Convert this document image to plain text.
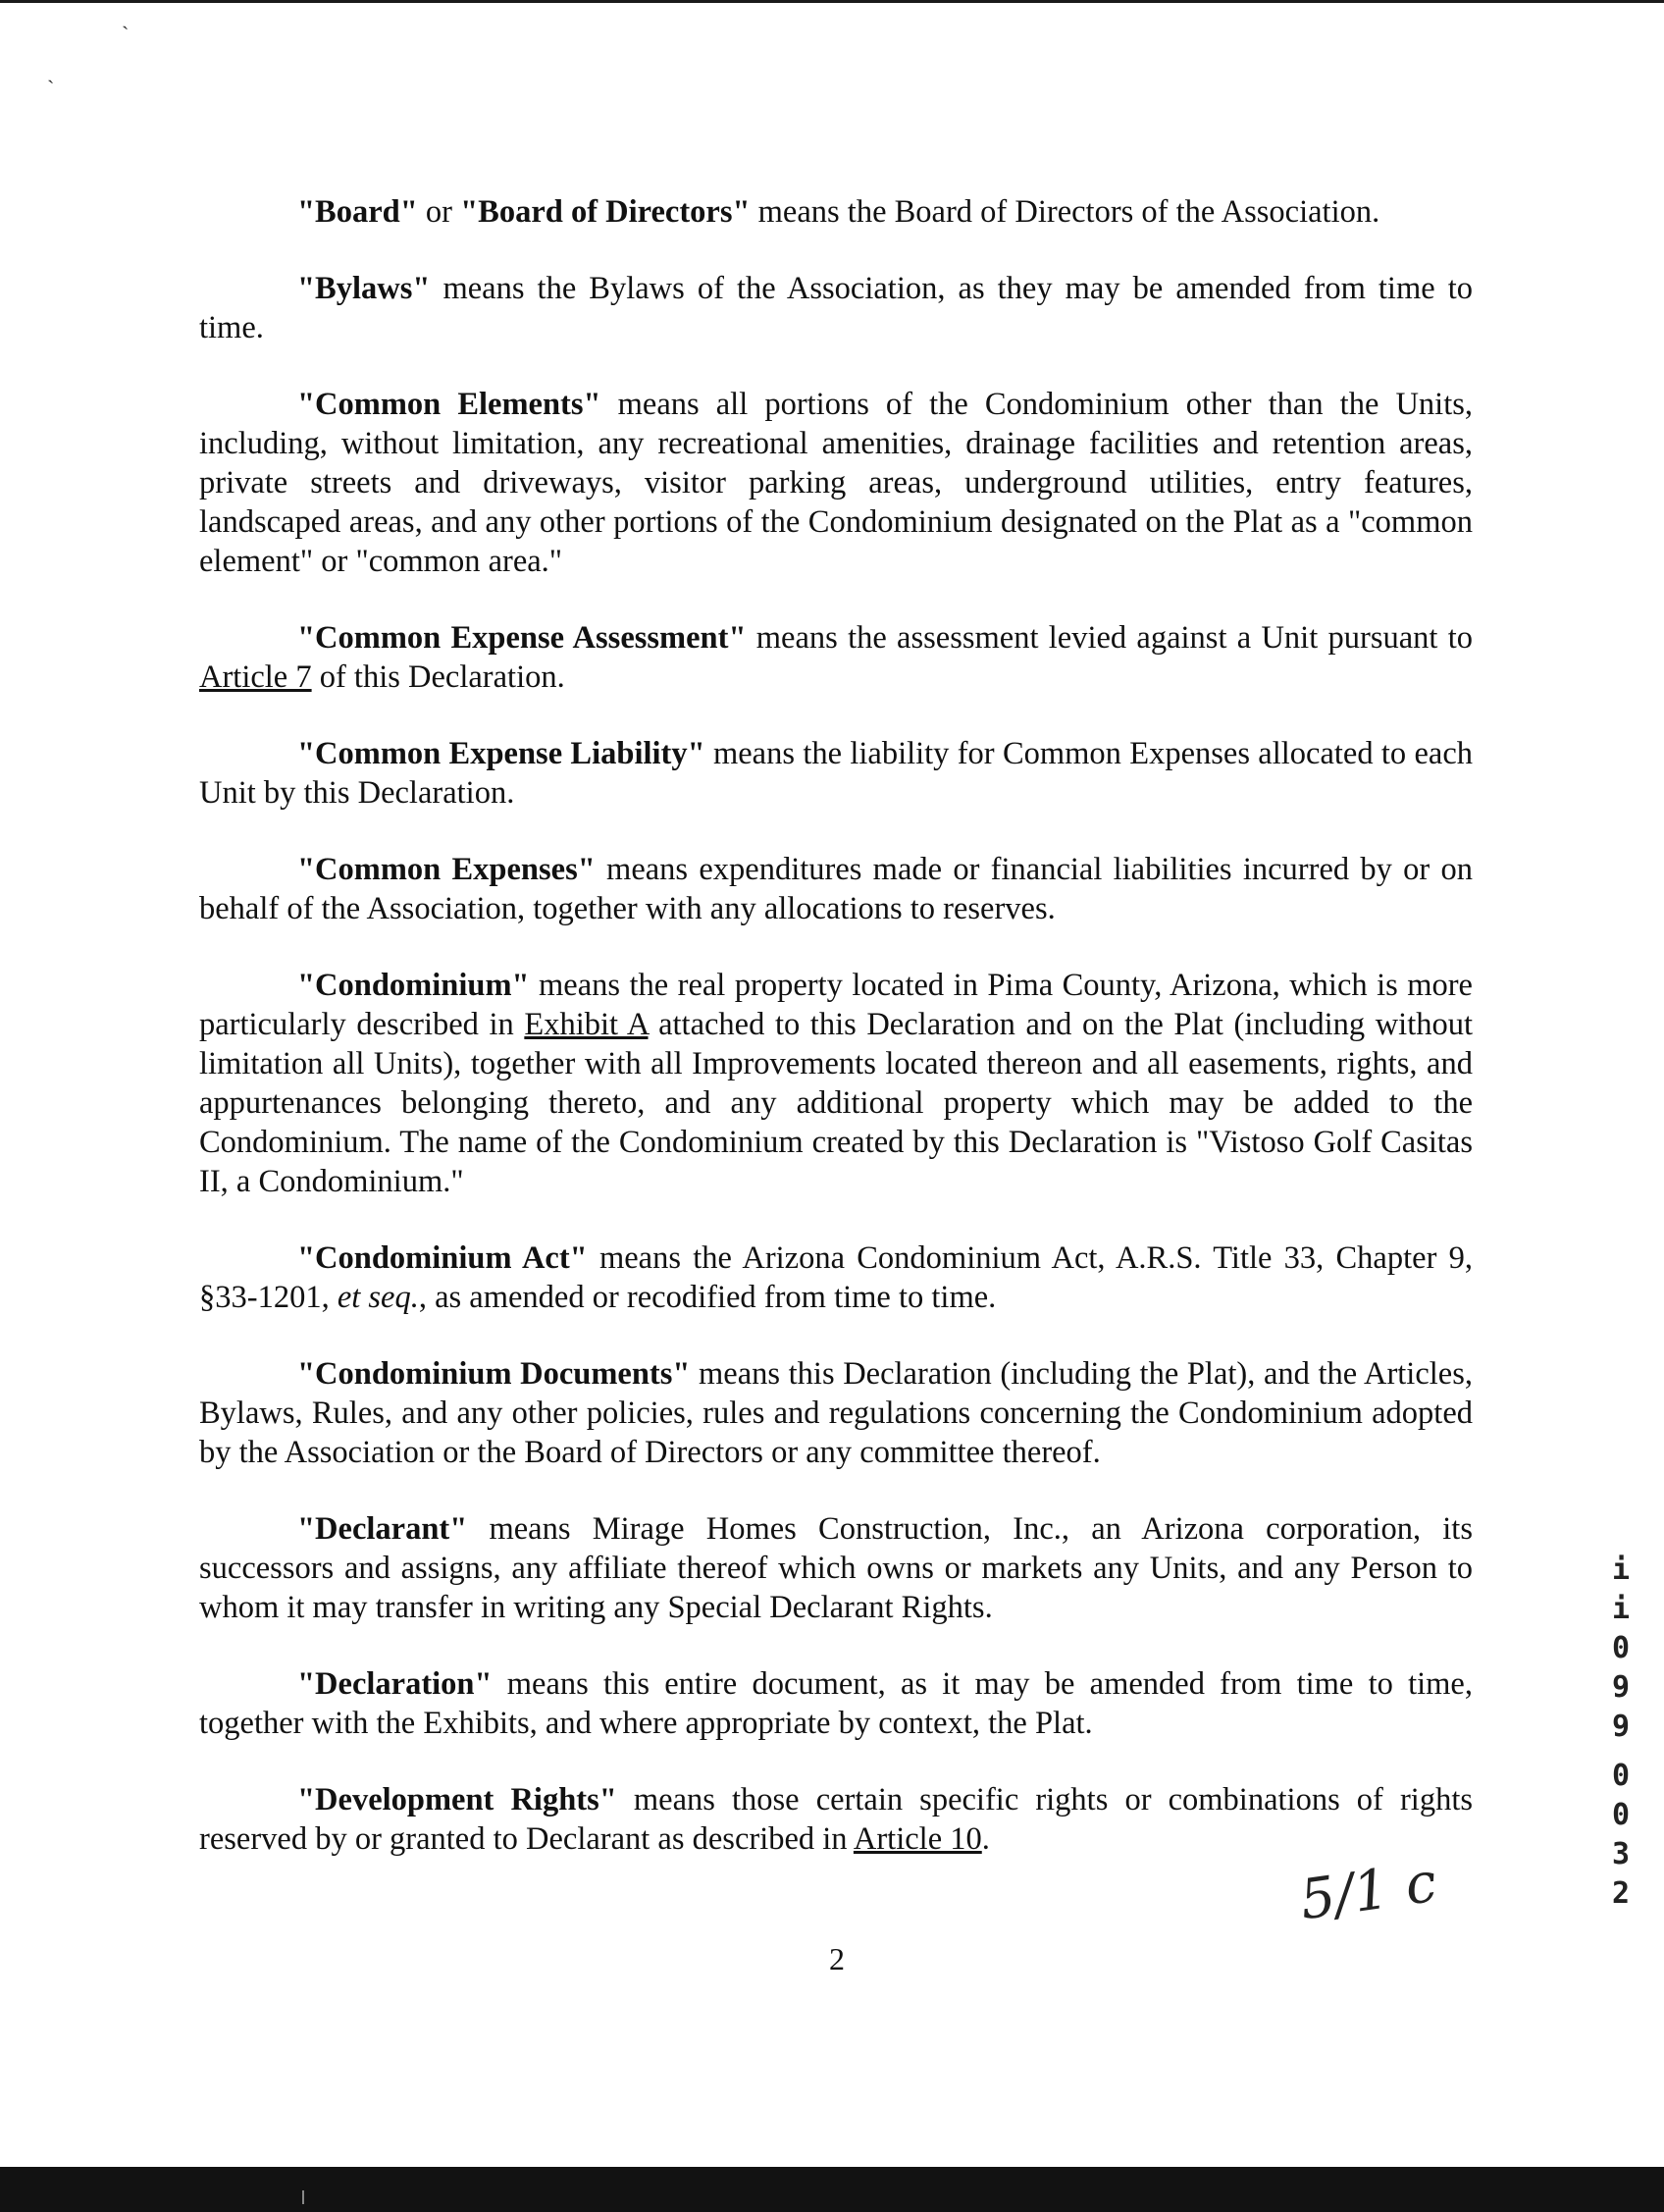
ˋ
ˏ

"Board" or "Board of Directors" means the Board of Directors of the Association.

"Bylaws" means the Bylaws of the Association, as they may be amended from time to time.

"Common Elements" means all portions of the Condominium other than the Units, including, without limitation, any recreational amenities, drainage facilities and retention areas, private streets and driveways, visitor parking areas, underground utilities, entry features, landscaped areas, and any other portions of the Condominium designated on the Plat as a "common element" or "common area."

"Common Expense Assessment" means the assessment levied against a Unit pursuant to Article 7 of this Declaration.

"Common Expense Liability" means the liability for Common Expenses allocated to each Unit by this Declaration.

"Common Expenses" means expenditures made or financial liabilities incurred by or on behalf of the Association, together with any allocations to reserves.

"Condominium" means the real property located in Pima County, Arizona, which is more particularly described in Exhibit A attached to this Declaration and on the Plat (including without limitation all Units), together with all Improvements located thereon and all easements, rights, and appurtenances belonging thereto, and any additional property which may be added to the Condominium. The name of the Condominium created by this Declaration is "Vistoso Golf Casitas II, a Condominium."

"Condominium Act" means the Arizona Condominium Act, A.R.S. Title 33, Chapter 9, §33-1201, et seq., as amended or recodified from time to time.

"Condominium Documents" means this Declaration (including the Plat), and the Articles, Bylaws, Rules, and any other policies, rules and regulations concerning the Condominium adopted by the Association or the Board of Directors or any committee thereof.

"Declarant" means Mirage Homes Construction, Inc., an Arizona corporation, its successors and assigns, any affiliate thereof which owns or markets any Units, and any Person to whom it may transfer in writing any Special Declarant Rights.

"Declaration" means this entire document, as it may be amended from time to time, together with the Exhibits, and where appropriate by context, the Plat.

"Development Rights" means those certain specific rights or combinations of rights reserved by or granted to Declarant as described in Article 10.

i
i
0
9
9
0
0
3
2
5/1 c
2
